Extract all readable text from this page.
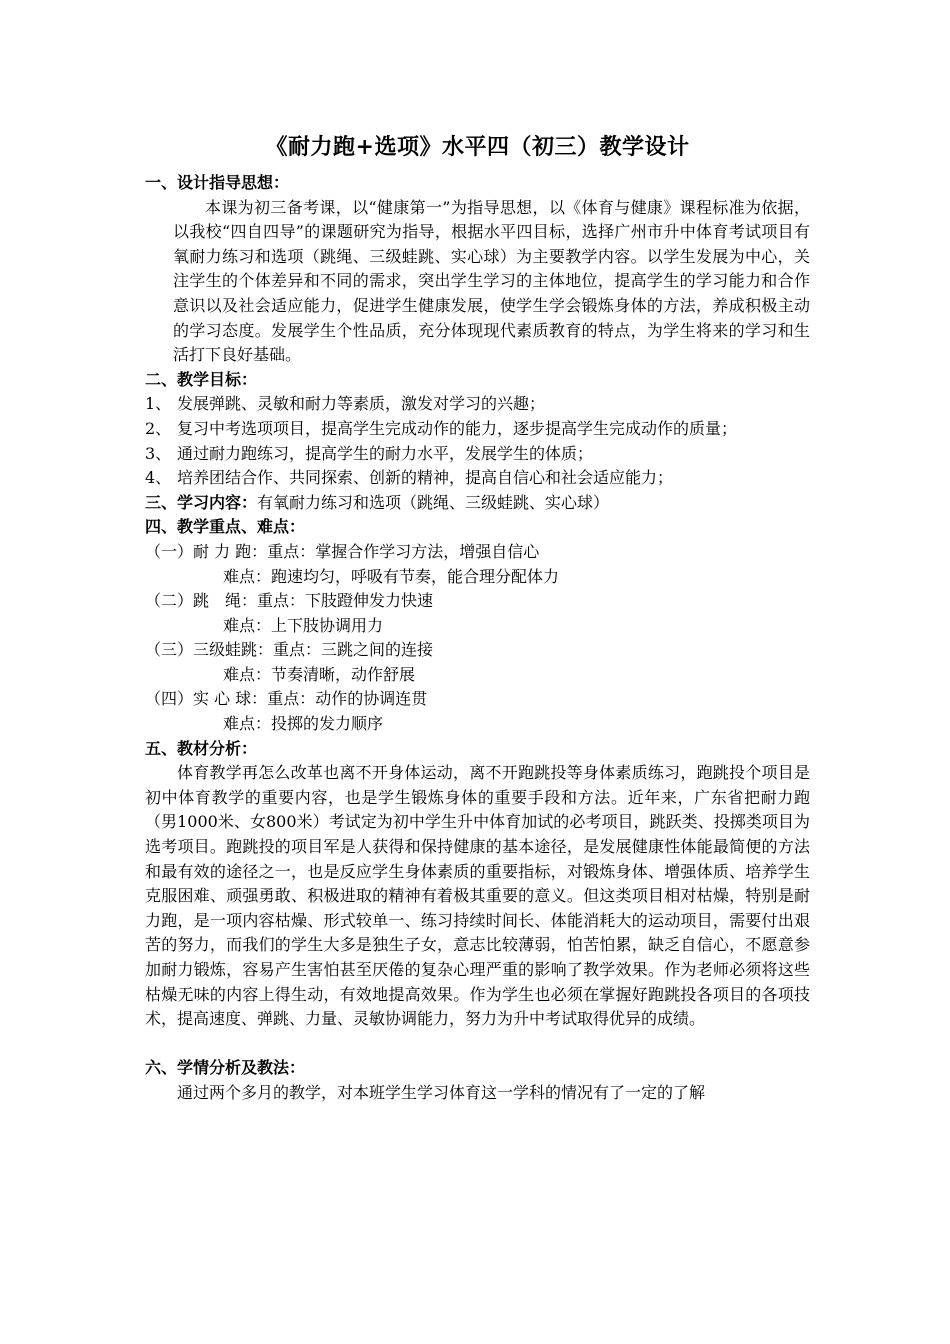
《耐力跑+选项》水平四（初三）教学设计
一、设计指导思想：
本课为初三备考课，以“健康第一”为指导思想，以《体育与健康》课程标准为依据，以我校“四自四导”的课题研究为指导，根据水平四目标，选择广州市升中体育考试项目有氧耐力练习和选项（跳绳、三级蛙跳、实心球）为主要教学内容。以学生发展为中心，关注学生的个体差异和不同的需求，突出学生学习的主体地位，提高学生的学习能力和合作意识以及社会适应能力，促进学生健康发展，使学生学会锻炼身体的方法，养成积极主动的学习态度。发展学生个性品质，充分体现现代素质教育的特点，为学生将来的学习和生活打下良好基础。
二、教学目标：
1、 发展弹跳、灵敏和耐力等素质，激发对学习的兴趣；
2、 复习中考选项项目，提高学生完成动作的能力，逐步提高学生完成动作的质量；
3、 通过耐力跑练习，提高学生的耐力水平，发展学生的体质；
4、 培养团结合作、共同探索、创新的精神，提高自信心和社会适应能力；
三、学习内容：有氧耐力练习和选项（跳绳、三级蛙跳、实心球）
四、教学重点、难点：
（一）耐 力 跑：重点：掌握合作学习方法，增强自信心
难点：跑速均匀，呼吸有节奏，能合理分配体力
（二）跳　绳：重点：下肢蹬伸发力快速
难点：上下肢协调用力
（三）三级蛙跳：重点：三跳之间的连接
难点：节奏清晰，动作舒展
（四）实 心 球：重点：动作的协调连贯
难点：投掷的发力顺序
五、教材分析：
体育教学再怎么改革也离不开身体运动，离不开跑跳投等身体素质练习，跑跳投个项目是初中体育教学的重要内容，也是学生锻炼身体的重要手段和方法。近年来，广东省把耐力跑（男1000米、女800米）考试定为初中学生升中体育加试的必考项目，跳跃类、投掷类项目为选考项目。跑跳投的项目军是人获得和保持健康的基本途径，是发展健康性体能最简便的方法和最有效的途径之一，也是反应学生身体素质的重要指标，对锻炼身体、增强体质、培养学生克服困难、顽强勇敢、积极进取的精神有着极其重要的意义。但这类项目相对枯燥，特别是耐力跑，是一项内容枯燥、形式较单一、练习持续时间长、体能消耗大的运动项目，需要付出艰苦的努力，而我们的学生大多是独生子女，意志比较薄弱，怕苦怕累，缺乏自信心，不愿意参加耐力锻炼，容易产生害怕甚至厌倦的复杂心理严重的影响了教学效果。作为老师必须将这些枯燥无味的内容上得生动，有效地提高效果。作为学生也必须在掌握好跑跳投各项目的各项技术，提高速度、弹跳、力量、灵敏协调能力，努力为升中考试取得优异的成绩。
六、学情分析及教法：
通过两个多月的教学，对本班学生学习体育这一学科的情况有了一定的了解
